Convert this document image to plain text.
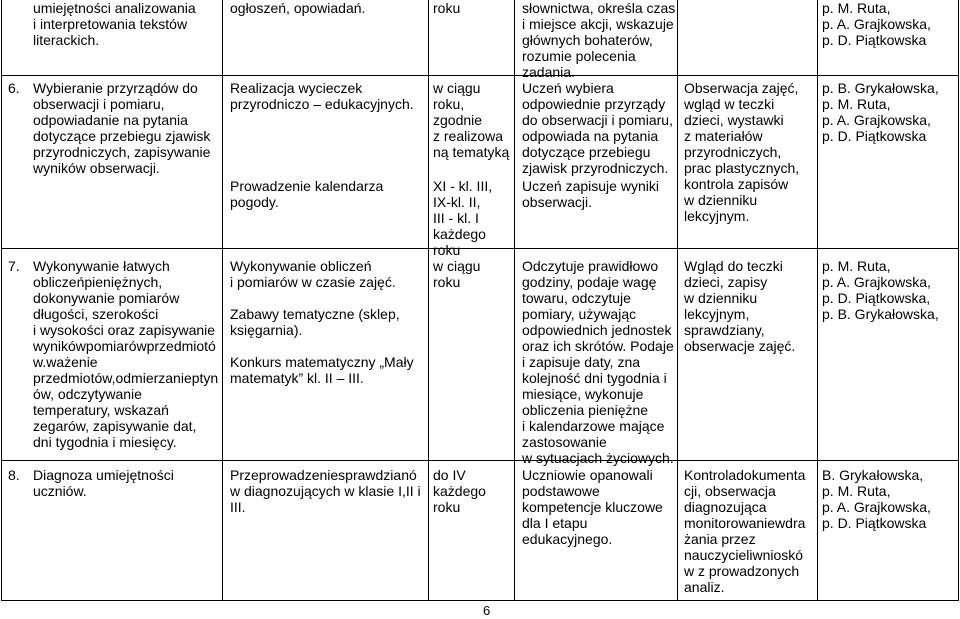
umiejętności analizowania
i interpretowania tekstów
literackich.
ogłoszeń, opowiadań.	roku	słownictwa, określa czas
i miejsce akcji, wskazuje
głównych bohaterów,
rozumie polecenia
zadania.
p. M. Ruta,
p. A. Grajkowska,
p. D. Piątkowska
6. Wybieranie przyrządów do
obserwacji i pomiaru,
odpowiadanie na pytania
dotyczące przebiegu zjawisk
przyrodniczych, zapisywanie
wyników obserwacji.
Realizacja wycieczek
przyrodniczo – edukacyjnych.
Prowadzenie kalendarza
pogody.
w ciągu
roku,
zgodnie
z realizowa
ną tematyką
XI - kl. III,
IX-kl. II,
III - kl. I
każdego
roku
Uczeń wybiera
odpowiednie przyrządy
do obserwacji i pomiaru,
odpowiada na pytania
dotyczące przebiegu
zjawisk przyrodniczych.
Uczeń zapisuje wyniki
obserwacji.
Obserwacja zajęć,
wgląd w teczki
dzieci, wystawki
z materiałów
przyrodniczych,
prac plastycznych,
kontrola zapisów
w dzienniku
lekcyjnym.
p. B. Grykałowska,
p. M. Ruta,
p. A. Grajkowska,
p. D. Piątkowska
7. Wykonywanie łatwych
obliczeńpieniężnych,
dokonywanie pomiarów
długości, szerokości
i wysokości oraz zapisywanie
wynikówpomiarówprzedmiotó
w.ważenie
przedmiotów,odmierzanieptyn
ów, odczytywanie
temperatury, wskazań
zegarów, zapisywanie dat,
dni tygodnia i miesięcy.
Wykonywanie obliczeń
i pomiarów w czasie zajęć.
Zabawy tematyczne (sklep,
księgarnia).
Konkurs matematyczny „Mały
matematyk” kl. II – III.
w ciągu
roku
Odczytuje prawidłowo
godziny, podaje wagę
towaru, odczytuje
pomiary, używając
odpowiednich jednostek
oraz ich skrótów. Podaje
i zapisuje daty, zna
kolejność dni tygodnia i
miesiące, wykonuje
obliczenia pieniężne
i kalendarzowe mające
zastosowanie
w sytuacjach życiowych.
Wgląd do teczki
dzieci, zapisy
w dzienniku
lekcyjnym,
sprawdziany,
obserwacje zajęć.
p. M. Ruta,
p. A. Grajkowska,
p. D. Piątkowska,
p. B. Grykałowska,
8. Diagnoza umiejętności
uczniów.
Przeprowadzeniesprawdzianó
w diagnozujących w klasie I,II i
III.
do IV
każdego
roku
Uczniowie opanowali
podstawowe
kompetencje kluczowe
dla I etapu
edukacyjnego.
Kontroladokumenta
cji, obserwacja
diagnozująca
monitorowaniewdra
żania przez
nauczycieliwnioskó
w z prowadzonych
analiz.
B. Grykałowska,
p. M. Ruta,
p. A. Grajkowska,
p. D. Piątkowska
6
